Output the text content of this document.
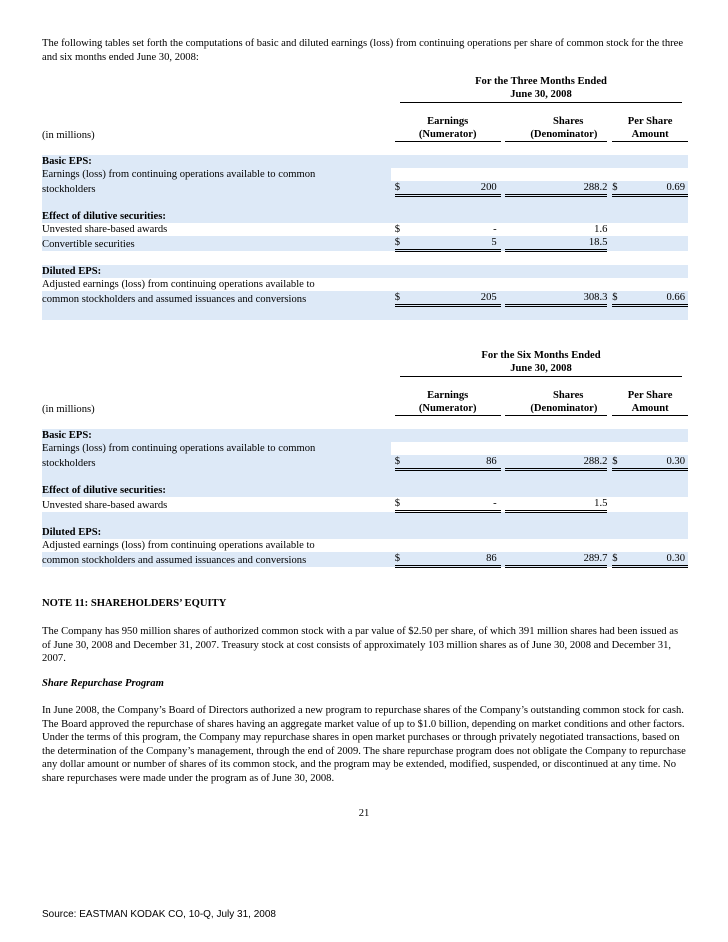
The following tables set forth the computations of basic and diluted earnings (loss) from continuing operations per share of common stock for the three and six months ended June 30, 2008:
For the Three Months Ended
June 30, 2008
		Earnings			Shares		Per Share	
(in millions)		(Numerator)			(Denominator)		Amount	

Basic EPS:								
Earnings (loss) from continuing operations available to common								
stockholders		$	200		288.2		$	0.69

Effect of dilutive securities:								
Unvested share-based awards		$	-		1.6			
Convertible securities		$	5		18.5			

Diluted EPS:								
Adjusted earnings (loss) from continuing operations available to								
common stockholders and assumed issuances and conversions		$	205		308.3		$	0.66

For the Six Months Ended
June 30, 2008
		Earnings			Shares		Per Share	
(in millions)		(Numerator)			(Denominator)		Amount	

Basic EPS:								
Earnings (loss) from continuing operations available to common								
stockholders		$	86		288.2		$	0.30

Effect of dilutive securities:								
Unvested share-based awards		$	-		1.5			

Diluted EPS:								
Adjusted earnings (loss) from continuing operations available to								
common stockholders and assumed issuances and conversions		$	86		289.7		$	0.30
NOTE 11: SHAREHOLDERS’ EQUITY
The Company has 950 million shares of authorized common stock with a par value of $2.50 per share, of which 391 million shares had been issued as of June 30, 2008 and December 31, 2007. Treasury stock at cost consists of approximately 103 million shares as of June 30, 2008 and December 31, 2007.
Share Repurchase Program
In June 2008, the Company’s Board of Directors authorized a new program to repurchase shares of the Company’s outstanding common stock for cash. The Board approved the repurchase of shares having an aggregate market value of up to $1.0 billion, depending on market conditions and other factors. Under the terms of this program, the Company may repurchase shares in open market purchases or through privately negotiated transactions, based on the determination of the Company’s management, through the end of 2009. The share repurchase program does not obligate the Company to repurchase any dollar amount or number of shares of its common stock, and the program may be extended, modified, suspended, or discontinued at any time. No share repurchases were made under the program as of June 30, 2008.
21
Source: EASTMAN KODAK CO, 10-Q, July 31, 2008
